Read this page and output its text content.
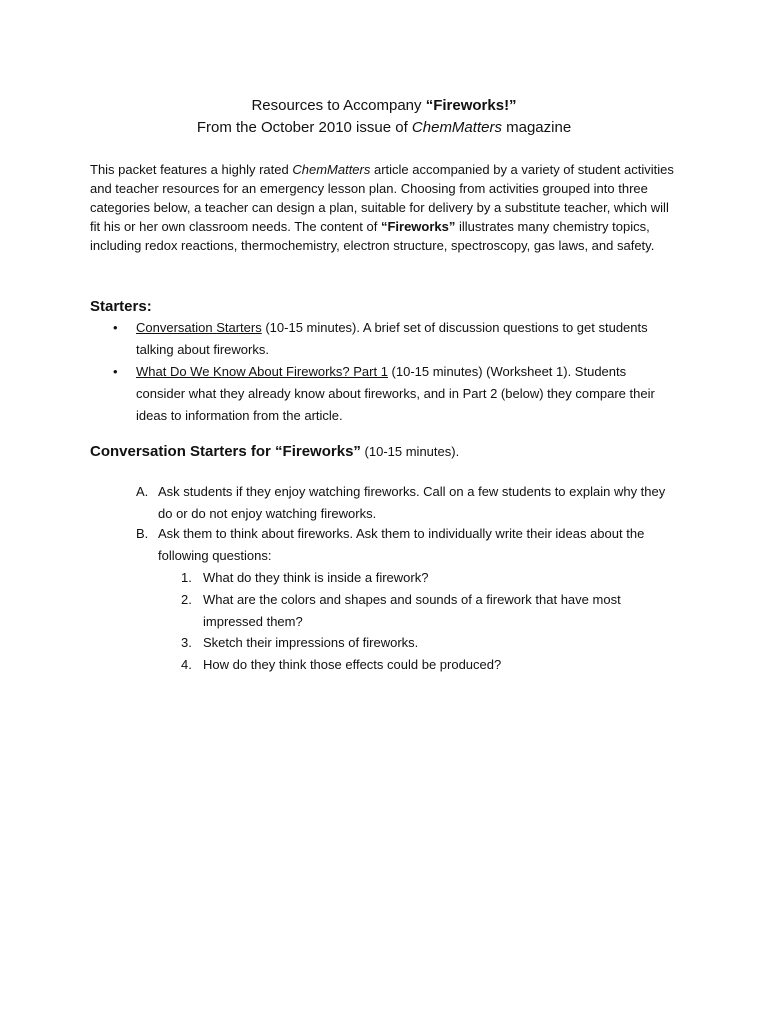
Resources to Accompany “Fireworks!”
From the October 2010 issue of ChemMatters magazine
This packet features a highly rated ChemMatters article accompanied by a variety of student activities and teacher resources for an emergency lesson plan. Choosing from activities grouped into three categories below, a teacher can design a plan, suitable for delivery by a substitute teacher, which will fit his or her own classroom needs. The content of “Fireworks” illustrates many chemistry topics, including redox reactions, thermochemistry, electron structure, spectroscopy, gas laws, and safety.
Starters:
• Conversation Starters (10-15 minutes). A brief set of discussion questions to get students talking about fireworks.
• What Do We Know About Fireworks? Part 1 (10-15 minutes) (Worksheet 1). Students consider what they already know about fireworks, and in Part 2 (below) they compare their ideas to information from the article.
Conversation Starters for “Fireworks” (10-15 minutes).
A. Ask students if they enjoy watching fireworks. Call on a few students to explain why they do or do not enjoy watching fireworks.
B. Ask them to think about fireworks. Ask them to individually write their ideas about the following questions:
1. What do they think is inside a firework?
2. What are the colors and shapes and sounds of a firework that have most impressed them?
3. Sketch their impressions of fireworks.
4. How do they think those effects could be produced?
